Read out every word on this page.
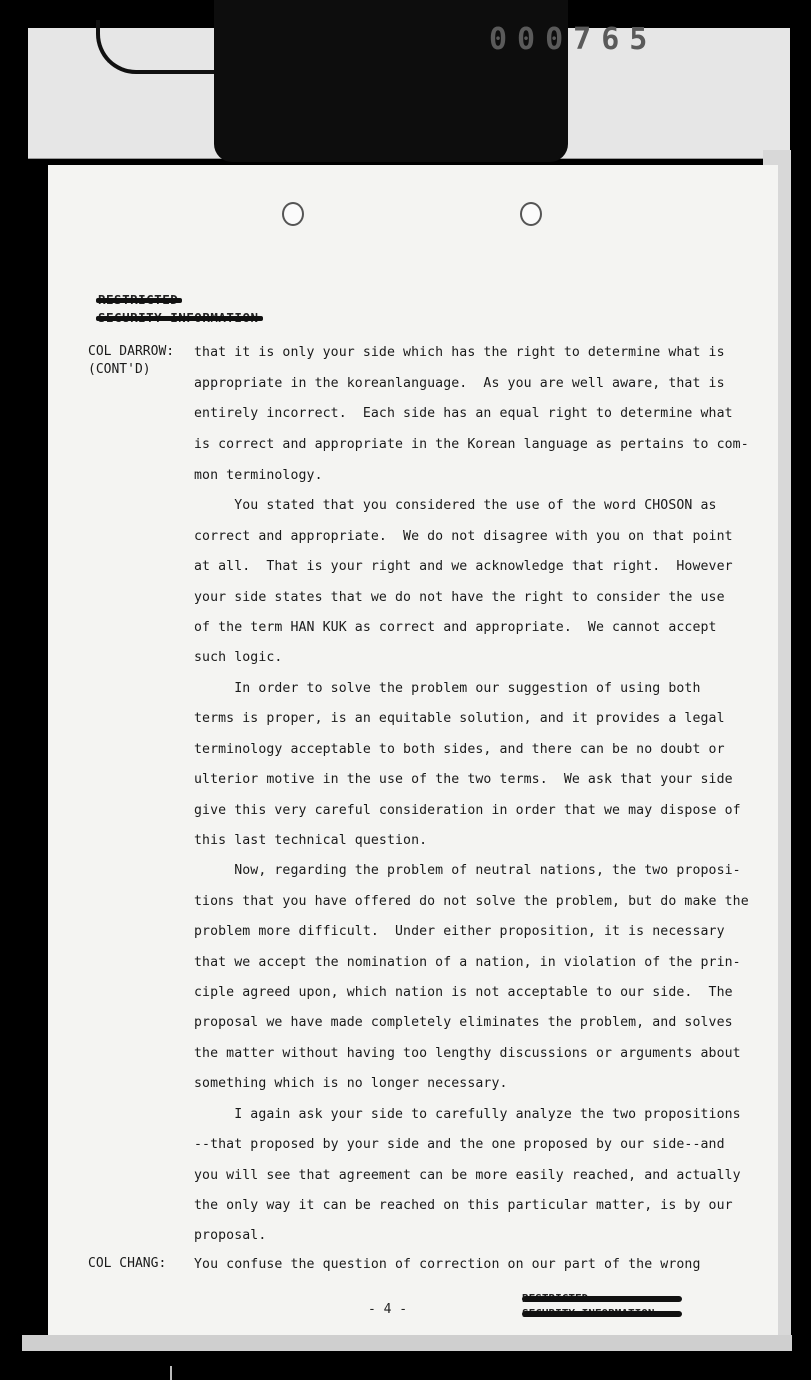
000765
COL DARROW:
(CONT'D)
COL CHANG:
that it is only your side which has the right to determine what is
appropriate in the koreanlanguage.  As you are well aware, that is
entirely incorrect.  Each side has an equal right to determine what
is correct and appropriate in the Korean language as pertains to com-
mon terminology.
You stated that you considered the use of the word CHOSON as
correct and appropriate.  We do not disagree with you on that point
at all.  That is your right and we acknowledge that right.  However
your side states that we do not have the right to consider the use
of the term HAN KUK as correct and appropriate.  We cannot accept
such logic.
In order to solve the problem our suggestion of using both
terms is proper, is an equitable solution, and it provides a legal
terminology acceptable to both sides, and there can be no doubt or
ulterior motive in the use of the two terms.  We ask that your side
give this very careful consideration in order that we may dispose of
this last technical question.
Now, regarding the problem of neutral nations, the two proposi-
tions that you have offered do not solve the problem, but do make the
problem more difficult.  Under either proposition, it is necessary
that we accept the nomination of a nation, in violation of the prin-
ciple agreed upon, which nation is not acceptable to our side.  The
proposal we have made completely eliminates the problem, and solves
the matter without having too lengthy discussions or arguments about
something which is no longer necessary.
I again ask your side to carefully analyze the two propositions
--that proposed by your side and the one proposed by our side--and
you will see that agreement can be more easily reached, and actually
the only way it can be reached on this particular matter, is by our
proposal.
You confuse the question of correction on our part of the wrong
- 4 -
